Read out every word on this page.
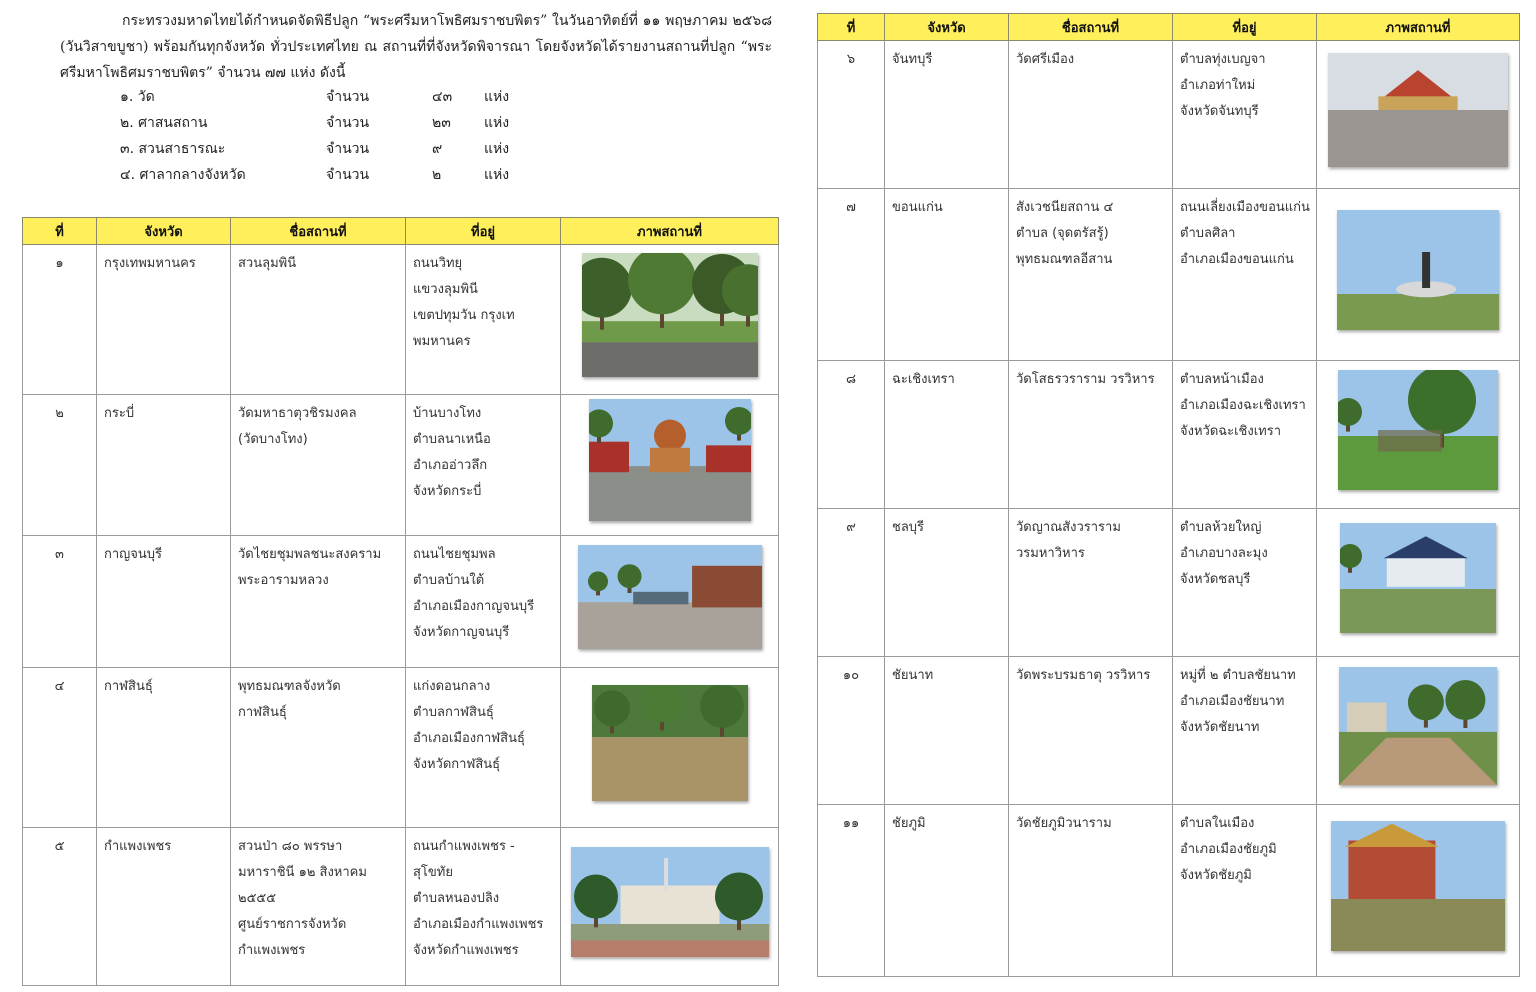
กระทรวงมหาดไทยได้กำหนดจัดพิธีปลูก “พระศรีมหาโพธิศมราชบพิตร” ในวันอาทิตย์ที่ ๑๑ พฤษภาคม ๒๕๖๘ (วันวิสาขบูชา) พร้อมกันทุกจังหวัด ทั่วประเทศไทย ณ สถานที่ที่จังหวัดพิจารณา โดยจังหวัดได้รายงานสถานที่ปลูก “พระศรีมหาโพธิศมราชบพิตร” จำนวน ๗๗ แห่ง ดังนี้

๑. วัด	จำนวน	๔๓ แห่ง
๒. ศาสนสถาน	จำนวน	๒๓ แห่ง
๓. สวนสาธารณะ	จำนวน	๙	แห่ง
๔. ศาลากลางจังหวัด	จำนวน	๒	แห่ง
ที่	จังหวัด	ชื่อสถานที่	ที่อยู่	ภาพสถานที่
๑	กรุงเทพมหานคร	สวนลุมพินี	ถนนวิทยุ
แขวงลุมพินี
เขตปทุมวัน กรุงเท
พมหานคร

๒	กระบี่	วัดมหาธาตุวชิรมงคล
(วัดบางโทง)	บ้านบางโทง
ตำบลนาเหนือ
อำเภออ่าวลึก
จังหวัดกระบี่

๓	กาญจนบุรี	วัดไชยชุมพลชนะสงคราม
พระอารามหลวง	ถนนไชยชุมพล
ตำบลบ้านใต้
อำเภอเมืองกาญจนบุรี
จังหวัดกาญจนบุรี

๔	กาฬสินธุ์	พุทธมณฑลจังหวัด
กาฬสินธุ์	แก่งดอนกลาง
ตำบลกาฬสินธุ์
อำเภอเมืองกาฬสินธุ์
จังหวัดกาฬสินธุ์

๕	กำแพงเพชร	สวนป่า ๘๐ พรรษา
มหาราชินี ๑๒ สิงหาคม
๒๕๕๕
ศูนย์ราชการจังหวัด
กำแพงเพชร	ถนนกำแพงเพชร -
สุโขทัย
ตำบลหนองปลิง
อำเภอเมืองกำแพงเพชร
จังหวัดกำแพงเพชร

ที่	จังหวัด	ชื่อสถานที่	ที่อยู่	ภาพสถานที่
๖	จันทบุรี	วัดศรีเมือง	ตำบลทุ่งเบญจา
อำเภอท่าใหม่
จังหวัดจันทบุรี

๗	ขอนแก่น	สังเวชนียสถาน ๔
ตำบล (จุดตรัสรู้)
พุทธมณฑลอีสาน	ถนนเลี่ยงเมืองขอนแก่น
ตำบลศิลา
อำเภอเมืองขอนแก่น

๘	ฉะเชิงเทรา	วัดโสธรวราราม วรวิหาร	ตำบลหน้าเมือง
อำเภอเมืองฉะเชิงเทรา
จังหวัดฉะเชิงเทรา

๙	ชลบุรี	วัดญาณสังวราราม
วรมหาวิหาร	ตำบลห้วยใหญ่
อำเภอบางละมุง
จังหวัดชลบุรี

๑๐	ชัยนาท	วัดพระบรมธาตุ วรวิหาร	หมู่ที่ ๒ ตำบลชัยนาท
อำเภอเมืองชัยนาท
จังหวัดชัยนาท

๑๑	ชัยภูมิ	วัดชัยภูมิวนาราม	ตำบลในเมือง
อำเภอเมืองชัยภูมิ
จังหวัดชัยภูมิ
